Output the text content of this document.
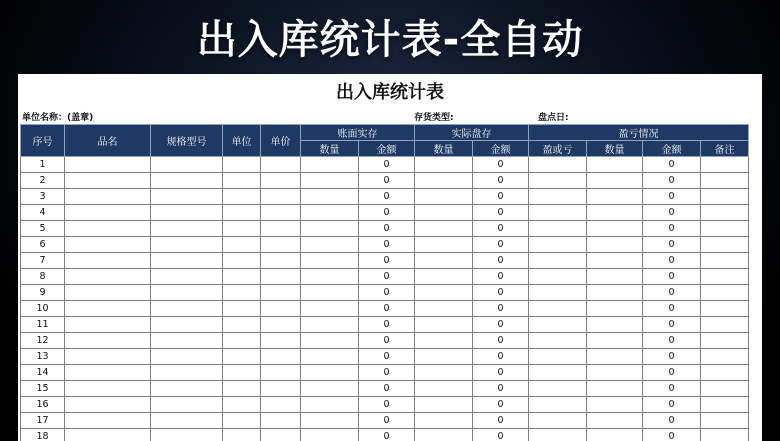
出入库统计表-全自动
出入库统计表
单位名称：(盖章)	存货类型:	盘点日:
序号	品名	规格型号	单位	单价	账面实存		实际盘存		盈亏情况			
					数量	金额	数量	金额	盈或亏	数量	金额	备注
1						0		0			0	
2						0		0			0	
3						0		0			0	
4						0		0			0	
5						0		0			0	
6						0		0			0	
7						0		0			0	
8						0		0			0	
9						0		0			0	
10						0		0			0	
11						0		0			0	
12						0		0			0	
13						0		0			0	
14						0		0			0	
15						0		0			0	
16						0		0			0	
17						0		0			0	
18						0		0			0	
